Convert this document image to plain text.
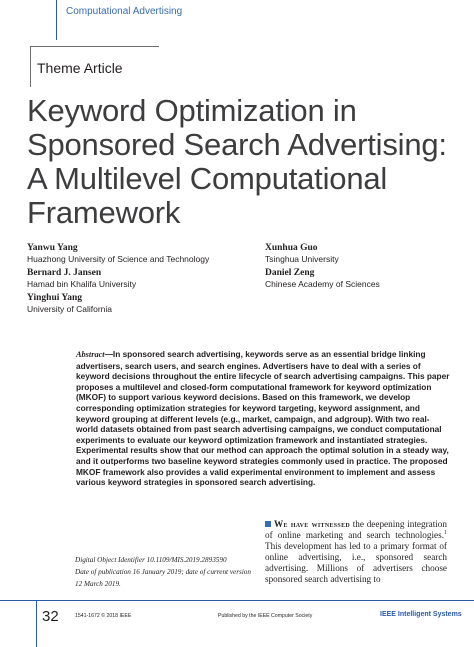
Computational Advertising
Theme Article
Keyword Optimization in Sponsored Search Advertising: A Multilevel Computational Framework
Yanwu Yang
Huazhong University of Science and Technology
Xunhua Guo
Tsinghua University
Bernard J. Jansen
Hamad bin Khalifa University
Daniel Zeng
Chinese Academy of Sciences
Yinghui Yang
University of California

Abstract—In sponsored search advertising, keywords serve as an essential bridge linking advertisers, search users, and search engines. Advertisers have to deal with a series of keyword decisions throughout the entire lifecycle of search advertising campaigns. This paper proposes a multilevel and closed-form computational framework for keyword optimization (MKOF) to support various keyword decisions. Based on this framework, we develop corresponding optimization strategies for keyword targeting, keyword assignment, and keyword grouping at different levels (e.g., market, campaign, and adgroup). With two real-world datasets obtained from past search advertising campaigns, we conduct computational experiments to evaluate our keyword optimization framework and instantiated strategies. Experimental results show that our method can approach the optimal solution in a steady way, and it outperforms two baseline keyword strategies commonly used in practice. The proposed MKOF framework also provides a valid experimental environment to implement and assess various keyword strategies in sponsored search advertising.

We have witnessed the deepening integration of online marketing and search technologies.$^1$ This development has led to a primary format of online advertising, i.e., sponsored search advertising. Millions of advertisers choose sponsored search advertising to

Digital Object Identifier 10.1109/MIS.2019.2893590
Date of publication 16 January 2019; date of current version
12 March 2019.
32	1541-1672 © 2018 IEEE	Published by the IEEE Computer Society	IEEE Intelligent Systems
